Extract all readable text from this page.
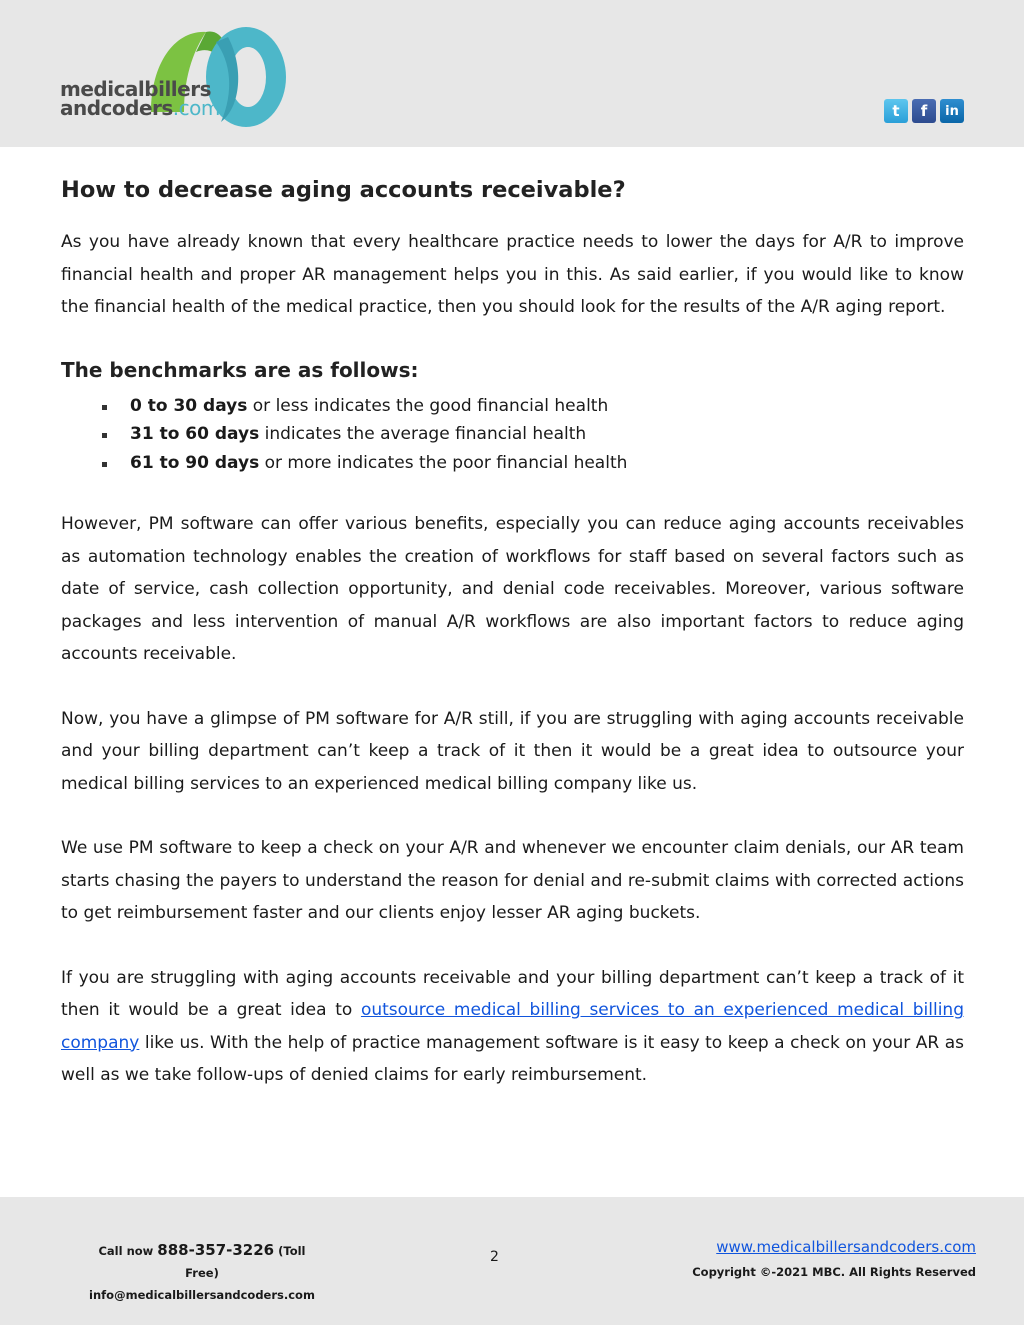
medicalbillers
andcoders.com	t	f	in
How to decrease aging accounts receivable?

As you have already known that every healthcare practice needs to lower the days for A/R to improve financial health and proper AR management helps you in this. As said earlier, if you would like to know the financial health of the medical practice, then you should look for the results of the A/R aging report.

The benchmarks are as follows:
0 to 30 days or less indicates the good financial health
31 to 60 days indicates the average financial health
61 to 90 days or more indicates the poor financial health

However, PM software can offer various benefits, especially you can reduce aging accounts receivables as automation technology enables the creation of workflows for staff based on several factors such as date of service, cash collection opportunity, and denial code receivables. Moreover, various software packages and less intervention of manual A/R workflows are also important factors to reduce aging accounts receivable.

Now, you have a glimpse of PM software for A/R still, if you are struggling with aging accounts receivable and your billing department can’t keep a track of it then it would be a great idea to outsource your medical billing services to an experienced medical billing company like us.

We use PM software to keep a check on your A/R and whenever we encounter claim denials, our AR team starts chasing the payers to understand the reason for denial and re-submit claims with corrected actions to get reimbursement faster and our clients enjoy lesser AR aging buckets.

If you are struggling with aging accounts receivable and your billing department can’t keep a track of it then it would be a great idea to outsource medical billing services to an experienced medical billing company like us. With the help of practice management software is it easy to keep a check on your AR as well as we take follow-ups of denied claims for early reimbursement.

Call now 888-357-3226 (Toll Free)
info@medicalbillersandcoders.com
2
www.medicalbillersandcoders.com
Copyright ©-2021 MBC. All Rights Reserved
